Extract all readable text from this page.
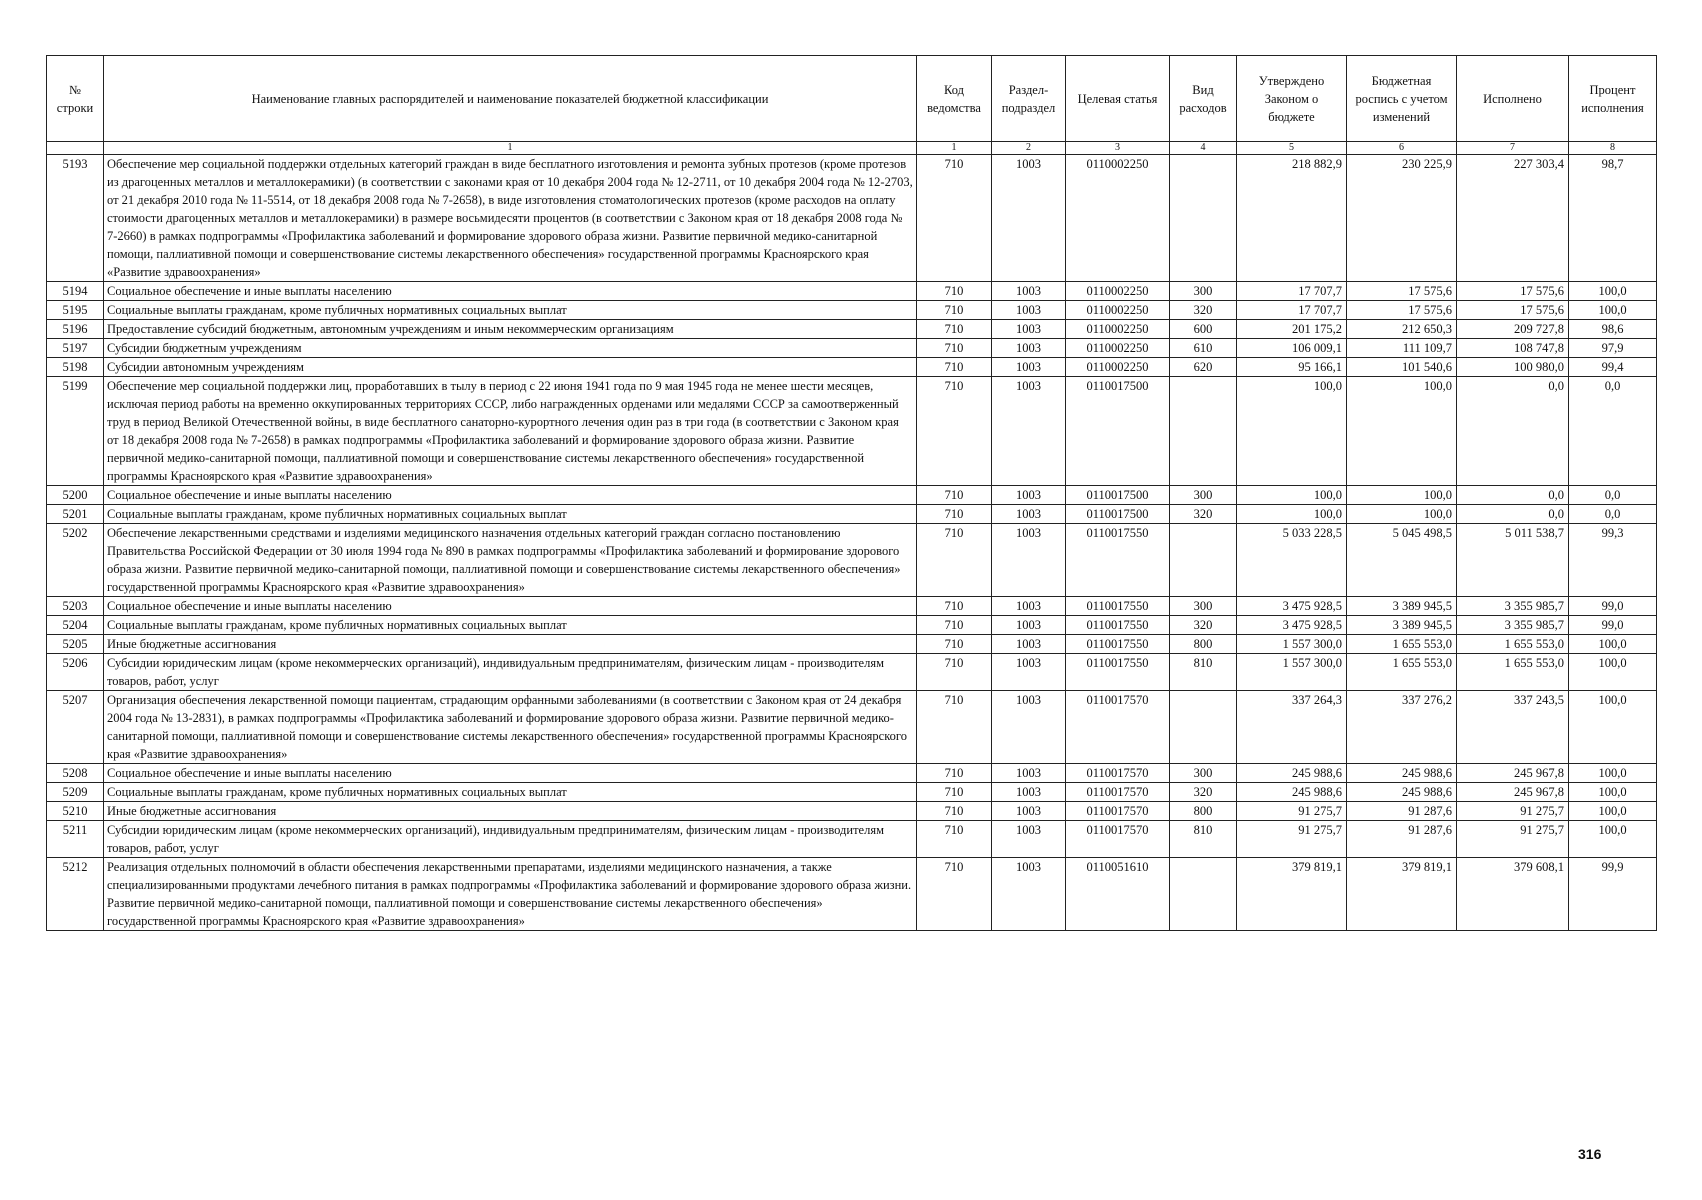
№ строки	Наименование главных распорядителей и наименование показателей бюджетной классификации	Код ведомства	Раздел-подраздел	Целевая статья	Вид расходов	Утверждено Законом о бюджете	Бюджетная роспись с учетом изменений	Исполнено	Процент исполнения
	1	1	2	3	4	5	6	7	8
5193	Обеспечение мер социальной поддержки отдельных категорий граждан в виде бесплатного изготовления и ремонта зубных протезов (кроме протезов из драгоценных металлов и металлокерамики) (в соответствии с законами края от 10 декабря 2004 года № 12-2711, от 10 декабря 2004 года № 12-2703, от 21 декабря 2010 года № 11-5514, от 18 декабря 2008 года № 7-2658), в виде изготовления стоматологических протезов (кроме расходов на оплату стоимости драгоценных металлов и металлокерамики) в размере восьмидесяти процентов (в соответствии с Законом края от 18 декабря 2008 года № 7-2660) в рамках подпрограммы «Профилактика заболеваний и формирование здорового образа жизни. Развитие первичной медико-санитарной помощи, паллиативной помощи и совершенствование системы лекарственного обеспечения» государственной программы Красноярского края «Развитие здравоохранения»	710	1003	0110002250		218 882,9	230 225,9	227 303,4	98,7
5194	Социальное обеспечение и иные выплаты населению	710	1003	0110002250	300	17 707,7	17 575,6	17 575,6	100,0
5195	Социальные выплаты гражданам, кроме публичных нормативных социальных выплат	710	1003	0110002250	320	17 707,7	17 575,6	17 575,6	100,0
5196	Предоставление субсидий бюджетным, автономным учреждениям и иным некоммерческим организациям	710	1003	0110002250	600	201 175,2	212 650,3	209 727,8	98,6
5197	Субсидии бюджетным учреждениям	710	1003	0110002250	610	106 009,1	111 109,7	108 747,8	97,9
5198	Субсидии автономным учреждениям	710	1003	0110002250	620	95 166,1	101 540,6	100 980,0	99,4
5199	Обеспечение мер социальной поддержки лиц, проработавших в тылу в период с 22 июня 1941 года по 9 мая 1945 года не менее шести месяцев, исключая период работы на временно оккупированных территориях СССР, либо награжденных орденами или медалями СССР за самоотверженный труд в период Великой Отечественной войны, в виде бесплатного санаторно-курортного лечения один раз в три года (в соответствии с Законом края от 18 декабря 2008 года № 7-2658) в рамках подпрограммы «Профилактика заболеваний и формирование здорового образа жизни. Развитие первичной медико-санитарной помощи, паллиативной помощи и совершенствование системы лекарственного обеспечения» государственной программы Красноярского края «Развитие здравоохранения»	710	1003	0110017500		100,0	100,0	0,0	0,0
5200	Социальное обеспечение и иные выплаты населению	710	1003	0110017500	300	100,0	100,0	0,0	0,0
5201	Социальные выплаты гражданам, кроме публичных нормативных социальных выплат	710	1003	0110017500	320	100,0	100,0	0,0	0,0
5202	Обеспечение лекарственными средствами и изделиями медицинского назначения отдельных категорий граждан согласно постановлению Правительства Российской Федерации от 30 июля 1994 года № 890 в рамках подпрограммы «Профилактика заболеваний и формирование здорового образа жизни. Развитие первичной медико-санитарной помощи, паллиативной помощи и совершенствование системы лекарственного обеспечения» государственной программы Красноярского края «Развитие здравоохранения»	710	1003	0110017550		5 033 228,5	5 045 498,5	5 011 538,7	99,3
5203	Социальное обеспечение и иные выплаты населению	710	1003	0110017550	300	3 475 928,5	3 389 945,5	3 355 985,7	99,0
5204	Социальные выплаты гражданам, кроме публичных нормативных социальных выплат	710	1003	0110017550	320	3 475 928,5	3 389 945,5	3 355 985,7	99,0
5205	Иные бюджетные ассигнования	710	1003	0110017550	800	1 557 300,0	1 655 553,0	1 655 553,0	100,0
5206	Субсидии юридическим лицам (кроме некоммерческих организаций), индивидуальным предпринимателям, физическим лицам - производителям товаров, работ, услуг	710	1003	0110017550	810	1 557 300,0	1 655 553,0	1 655 553,0	100,0
5207	Организация обеспечения лекарственной помощи пациентам, страдающим орфанными заболеваниями (в соответствии с Законом края от 24 декабря 2004 года № 13-2831), в рамках подпрограммы «Профилактика заболеваний и формирование здорового образа жизни. Развитие первичной медико-санитарной помощи, паллиативной помощи и совершенствование системы лекарственного обеспечения» государственной программы Красноярского края «Развитие здравоохранения»	710	1003	0110017570		337 264,3	337 276,2	337 243,5	100,0
5208	Социальное обеспечение и иные выплаты населению	710	1003	0110017570	300	245 988,6	245 988,6	245 967,8	100,0
5209	Социальные выплаты гражданам, кроме публичных нормативных социальных выплат	710	1003	0110017570	320	245 988,6	245 988,6	245 967,8	100,0
5210	Иные бюджетные ассигнования	710	1003	0110017570	800	91 275,7	91 287,6	91 275,7	100,0
5211	Субсидии юридическим лицам (кроме некоммерческих организаций), индивидуальным предпринимателям, физическим лицам - производителям товаров, работ, услуг	710	1003	0110017570	810	91 275,7	91 287,6	91 275,7	100,0
5212	Реализация отдельных полномочий в области обеспечения лекарственными препаратами, изделиями медицинского назначения, а также специализированными продуктами лечебного питания в рамках подпрограммы «Профилактика заболеваний и формирование здорового образа жизни. Развитие первичной медико-санитарной помощи, паллиативной помощи и совершенствование системы лекарственного обеспечения» государственной программы Красноярского края «Развитие здравоохранения»	710	1003	0110051610		379 819,1	379 819,1	379 608,1	99,9
316
